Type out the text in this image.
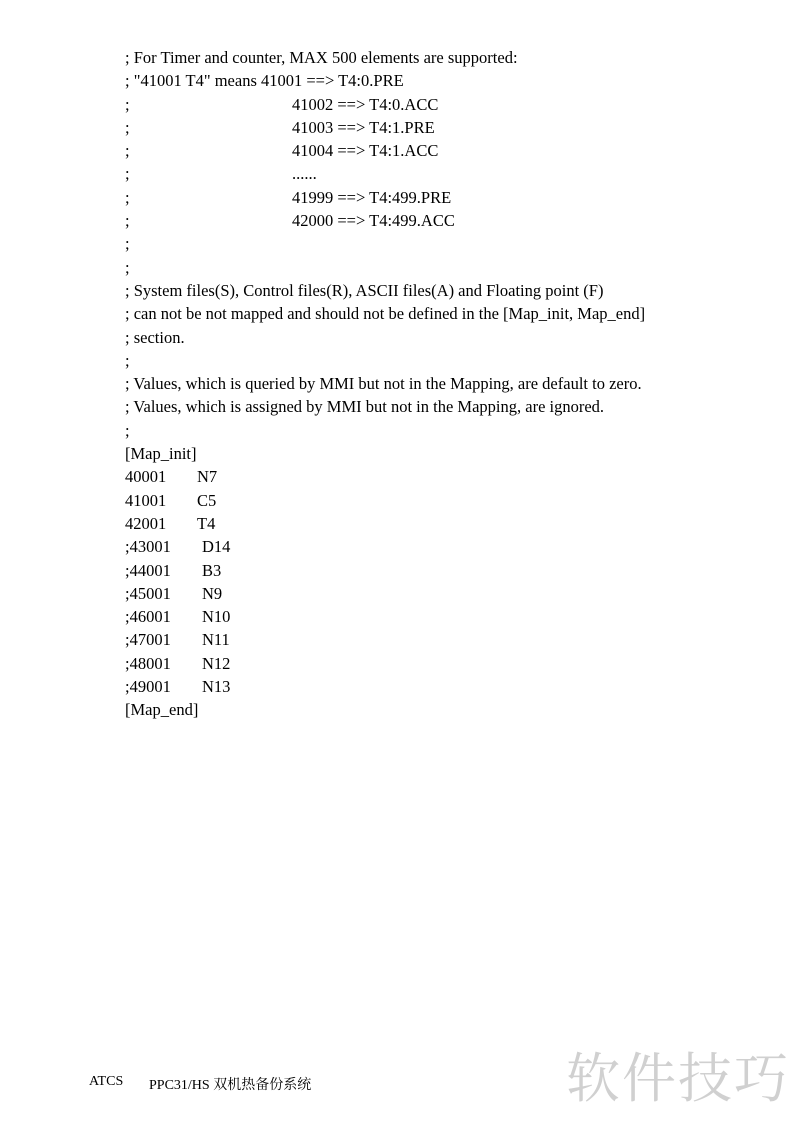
; For Timer and counter, MAX 500 elements are supported:
; "41001 T4" means 41001 ==> T4:0.PRE
;	41002 ==> T4:0.ACC
;	41003 ==> T4:1.PRE
;	41004 ==> T4:1.ACC
;	......
;	41999 ==> T4:499.PRE
;	42000 ==> T4:499.ACC
;
;
; System files(S), Control files(R), ASCII files(A) and Floating point (F)
; can not be not mapped and should not be defined in the [Map_init, Map_end]
; section.
;
; Values, which is queried by MMI but not in the Mapping, are default to zero.
; Values, which is assigned by MMI but not in the Mapping, are ignored.
;
[Map_init]
40001 N7
41001 C5
42001 T4
;43001 D14
;44001 B3
;45001 N9
;46001 N10
;47001 N11
;48001 N12
;49001 N13
[Map_end]

ATCS

PPC31/HS 双机热备份系统

	软件技巧
